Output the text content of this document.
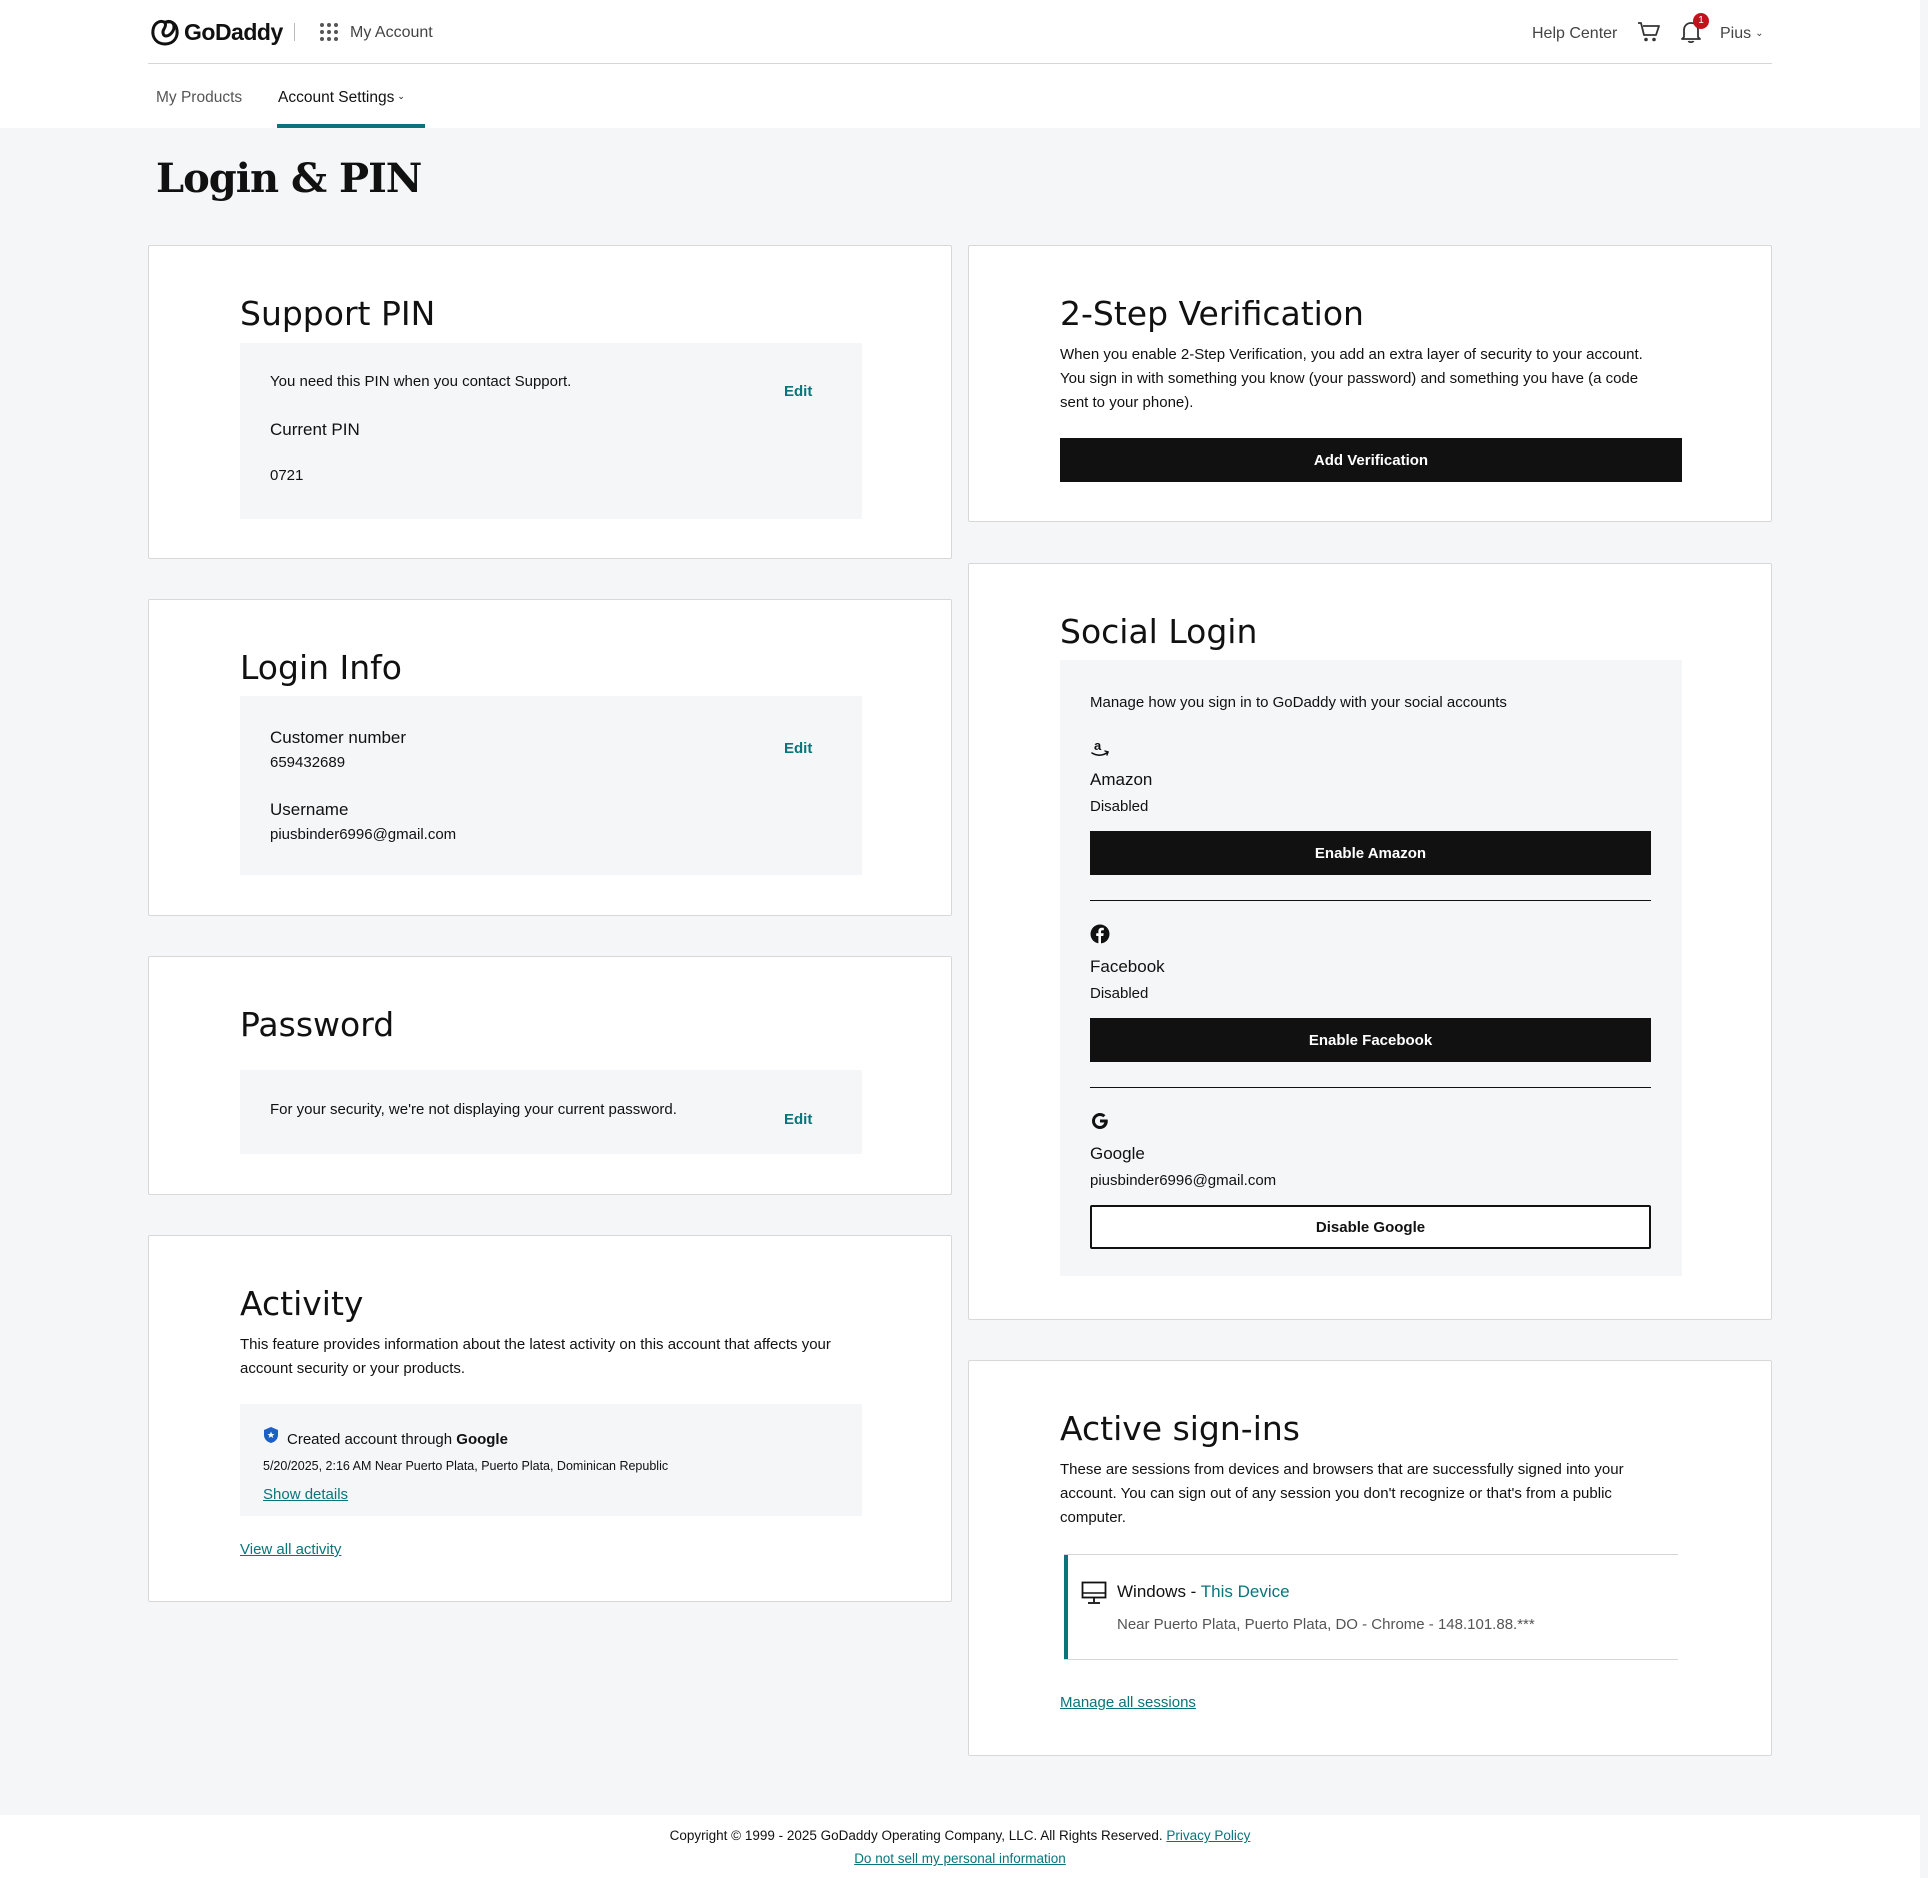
GoDaddy	My Account	Help Center
1
Pius ⌄
My Products Account Settings ⌄
Login & PIN
Support PIN
You need this PIN when you contact Support.
Edit
Current PIN
0721
Login Info
Customer number
659432689
Edit
Username
piusbinder6996@gmail.com
Password
For your security, we're not displaying your current password.
Edit
Activity
This feature provides information about the latest activity on this account that affects your account security or your products.
Created account through Google
5/20/2025, 2:16 AM Near Puerto Plata, Puerto Plata, Dominican Republic
Show details
View all activity
2-Step Verification
When you enable 2-Step Verification, you add an extra layer of security to your account. You sign in with something you know (your password) and something you have (a code sent to your phone).
Add Verification
Social Login
Manage how you sign in to GoDaddy with your social accounts
a
Amazon
Disabled
Enable Amazon
Facebook
Disabled
Enable Facebook
Google
piusbinder6996@gmail.com
Disable Google
Active sign-ins
These are sessions from devices and browsers that are successfully signed into your account. You can sign out of any session you don't recognize or that's from a public computer.
Windows - This Device
Near Puerto Plata, Puerto Plata, DO - Chrome - 148.101.88.***
Manage all sessions
Copyright © 1999 - 2025 GoDaddy Operating Company, LLC. All Rights Reserved. Privacy Policy
Do not sell my personal information
